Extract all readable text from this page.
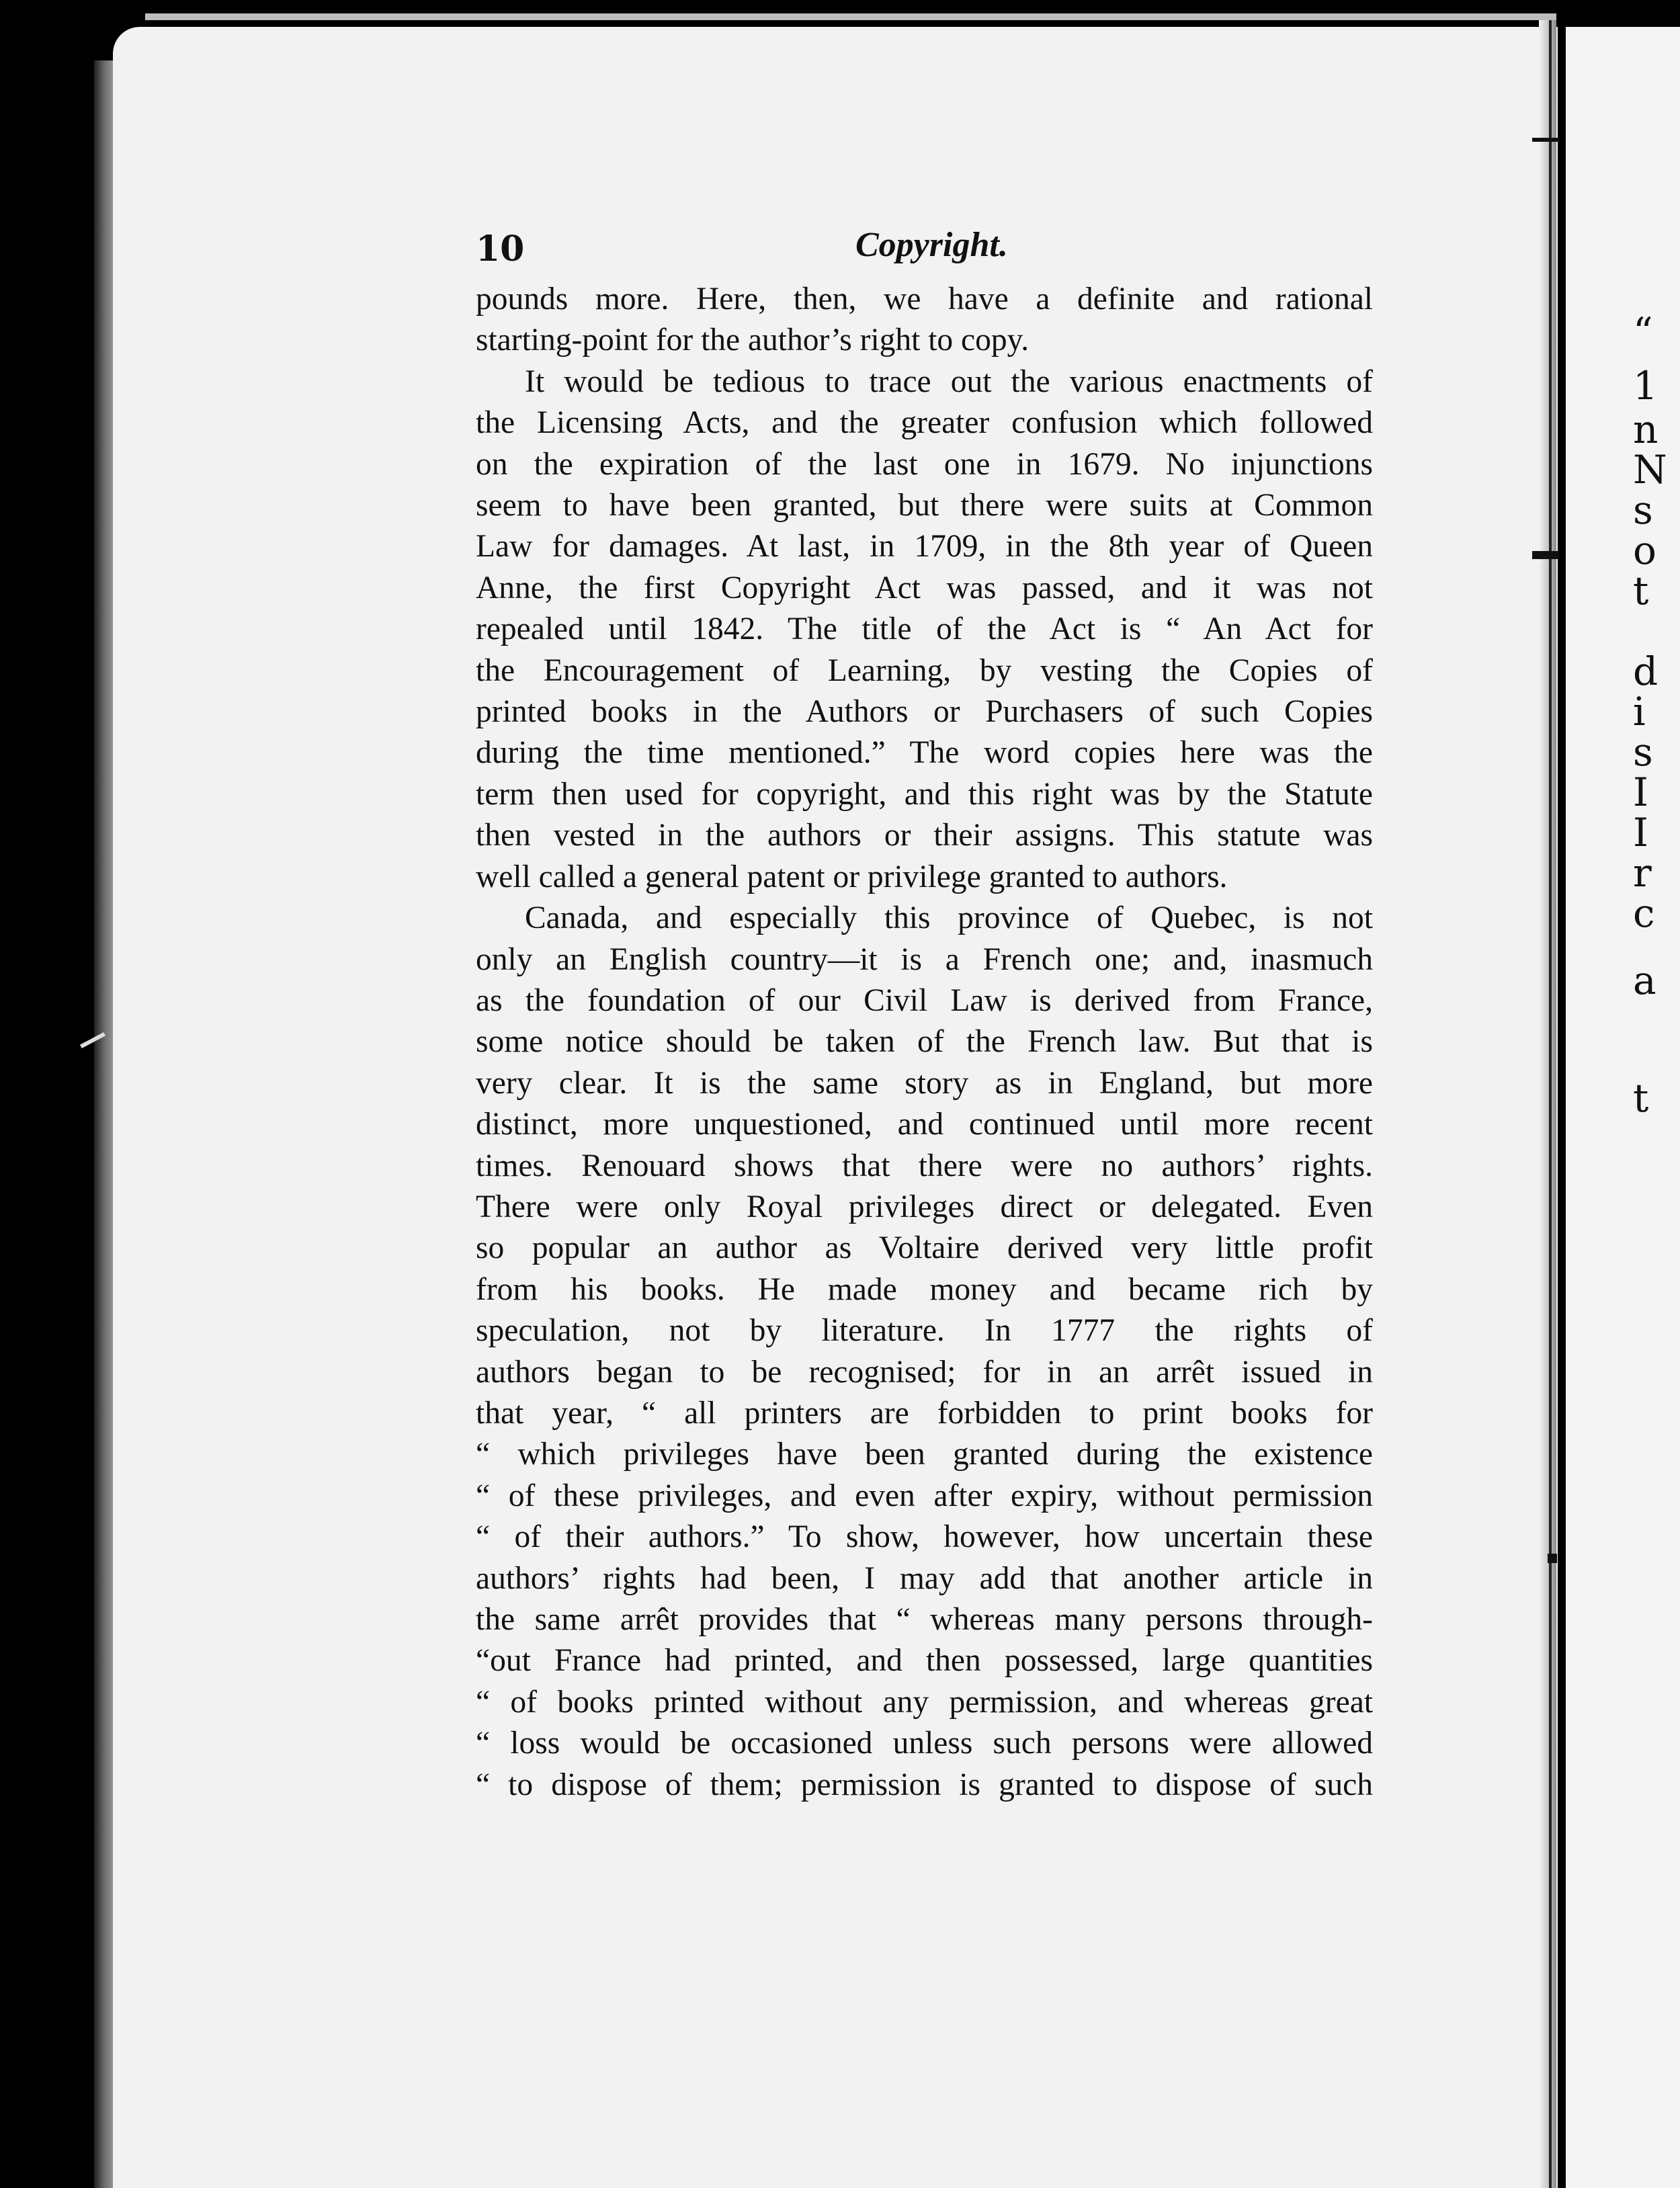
“
1
n
N
s
o
t
d
i
s
I
I
r
c
a
t
10	Copyright.
pounds more. Here, then, we have a definite and rational
starting-point for the author’s right to copy.
It would be tedious to trace out the various enactments of
the Licensing Acts, and the greater confusion which followed
on the expiration of the last one in 1679. No injunctions
seem to have been granted, but there were suits at Common
Law for damages. At last, in 1709, in the 8th year of Queen
Anne, the first Copyright Act was passed, and it was not
repealed until 1842. The title of the Act is “ An Act for
the Encouragement of Learning, by vesting the Copies of
printed books in the Authors or Purchasers of such Copies
during the time mentioned.” The word copies here was the
term then used for copyright, and this right was by the Statute
then vested in the authors or their assigns. This statute was
well called a general patent or privilege granted to authors.
Canada, and especially this province of Quebec, is not
only an English country—it is a French one; and, inasmuch
as the foundation of our Civil Law is derived from France,
some notice should be taken of the French law. But that is
very clear. It is the same story as in England, but more
distinct, more unquestioned, and continued until more recent
times. Renouard shows that there were no authors’ rights.
There were only Royal privileges direct or delegated. Even
so popular an author as Voltaire derived very little profit
from his books. He made money and became rich by
speculation, not by literature. In 1777 the rights of
authors began to be recognised; for in an arrêt issued in
that year, “ all printers are forbidden to print books for
“ which privileges have been granted during the existence
“ of these privileges, and even after expiry, without permission
“ of their authors.” To show, however, how uncertain these
authors’ rights had been, I may add that another article in
the same arrêt provides that “ whereas many persons through-
“out France had printed, and then possessed, large quantities
“ of books printed without any permission, and whereas great
“ loss would be occasioned unless such persons were allowed
“ to dispose of them; permission is granted to dispose of such
